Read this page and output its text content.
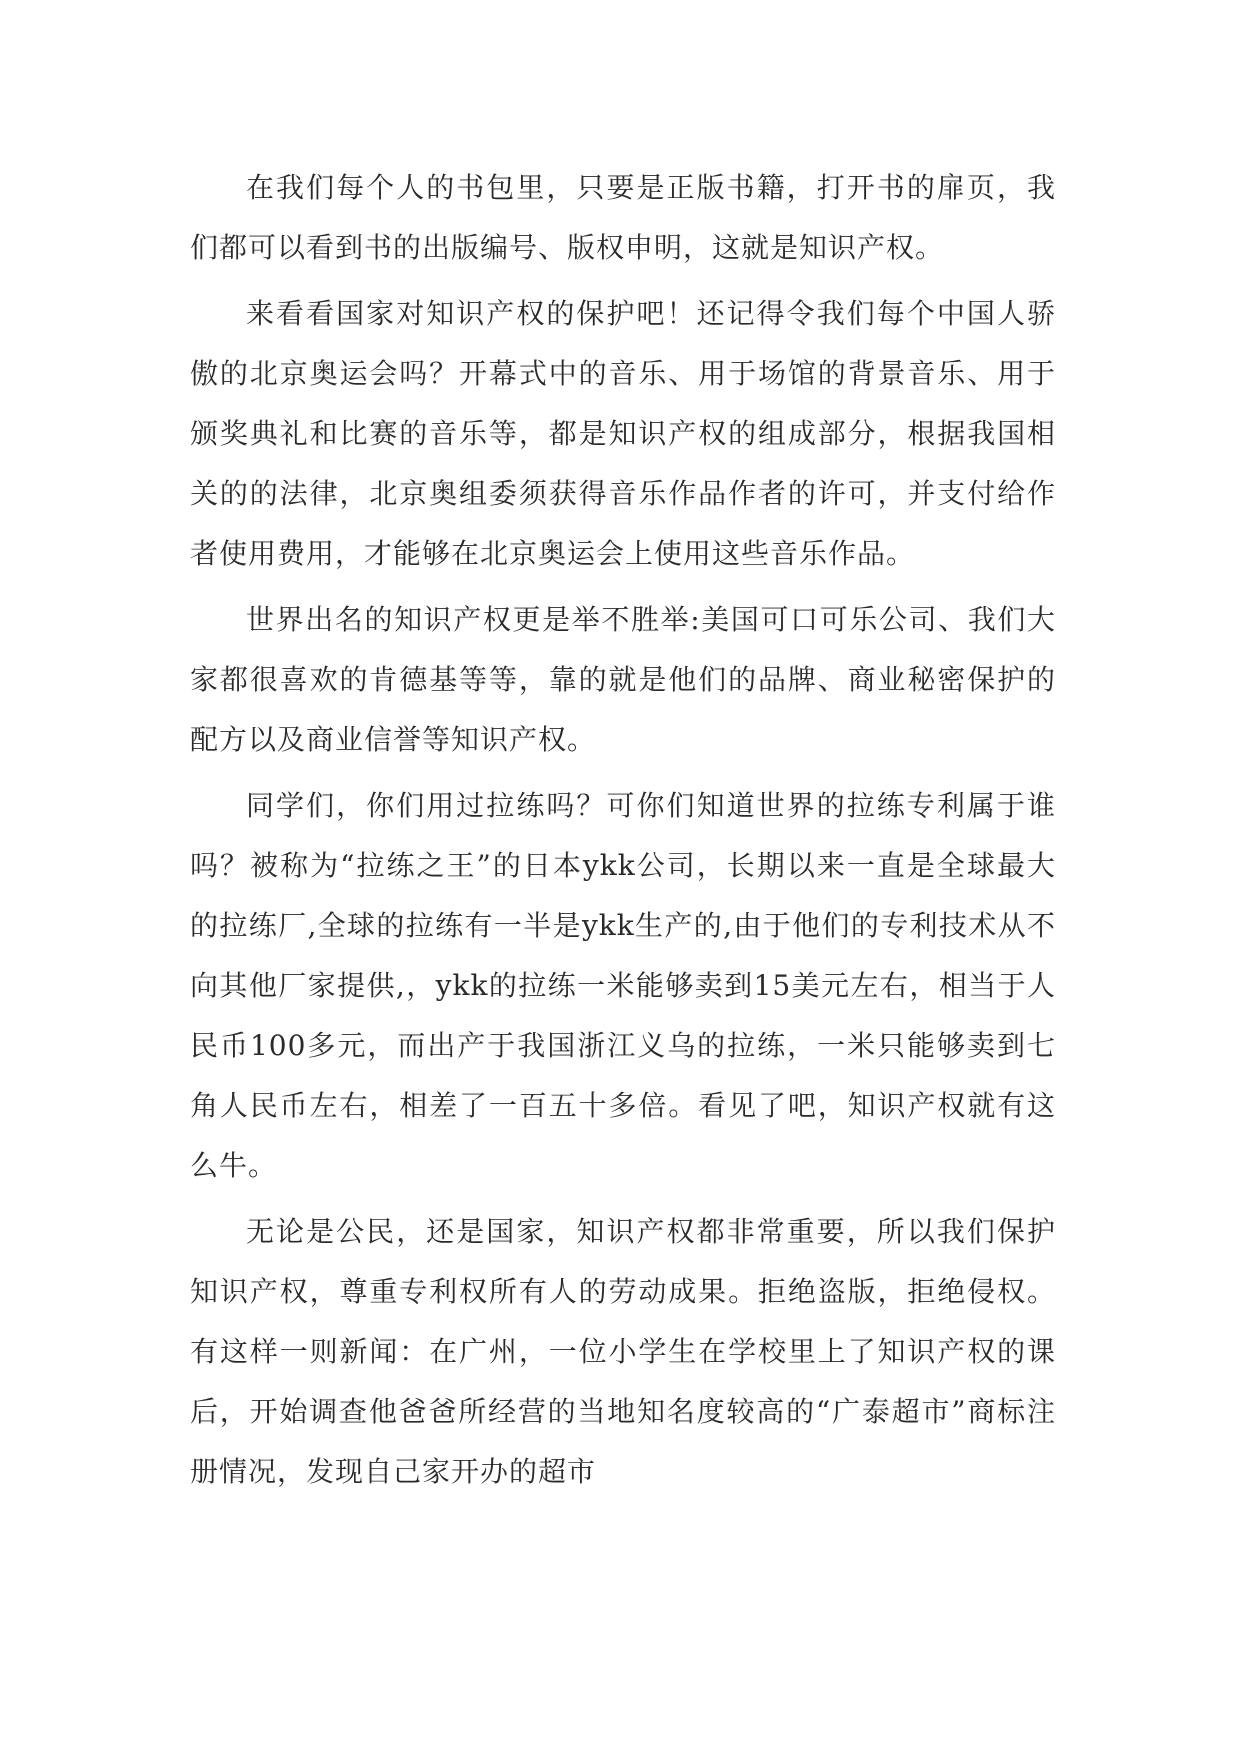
在我们每个人的书包里，只要是正版书籍，打开书的扉页，我们都可以看到书的出版编号、版权申明，这就是知识产权。

来看看国家对知识产权的保护吧！还记得令我们每个中国人骄傲的北京奥运会吗？开幕式中的音乐、用于场馆的背景音乐、用于颁奖典礼和比赛的音乐等，都是知识产权的组成部分，根据我国相关的的法律，北京奥组委须获得音乐作品作者的许可，并支付给作者使用费用，才能够在北京奥运会上使用这些音乐作品。

世界出名的知识产权更是举不胜举:美国可口可乐公司、我们大家都很喜欢的肯德基等等，靠的就是他们的品牌、商业秘密保护的配方以及商业信誉等知识产权。

同学们，你们用过拉练吗？可你们知道世界的拉练专利属于谁吗？被称为“拉练之王”的日本ykk公司，长期以来一直是全球最大的拉练厂,全球的拉练有一半是ykk生产的,由于他们的专利技术从不向其他厂家提供,，ykk的拉练一米能够卖到15美元左右，相当于人民币100多元，而出产于我国浙江义乌的拉练，一米只能够卖到七角人民币左右，相差了一百五十多倍。看见了吧，知识产权就有这么牛。

无论是公民，还是国家，知识产权都非常重要，所以我们保护知识产权，尊重专利权所有人的劳动成果。拒绝盗版，拒绝侵权。有这样一则新闻：在广州，一位小学生在学校里上了知识产权的课后，开始调查他爸爸所经营的当地知名度较高的“广泰超市”商标注册情况，发现自己家开办的超市
